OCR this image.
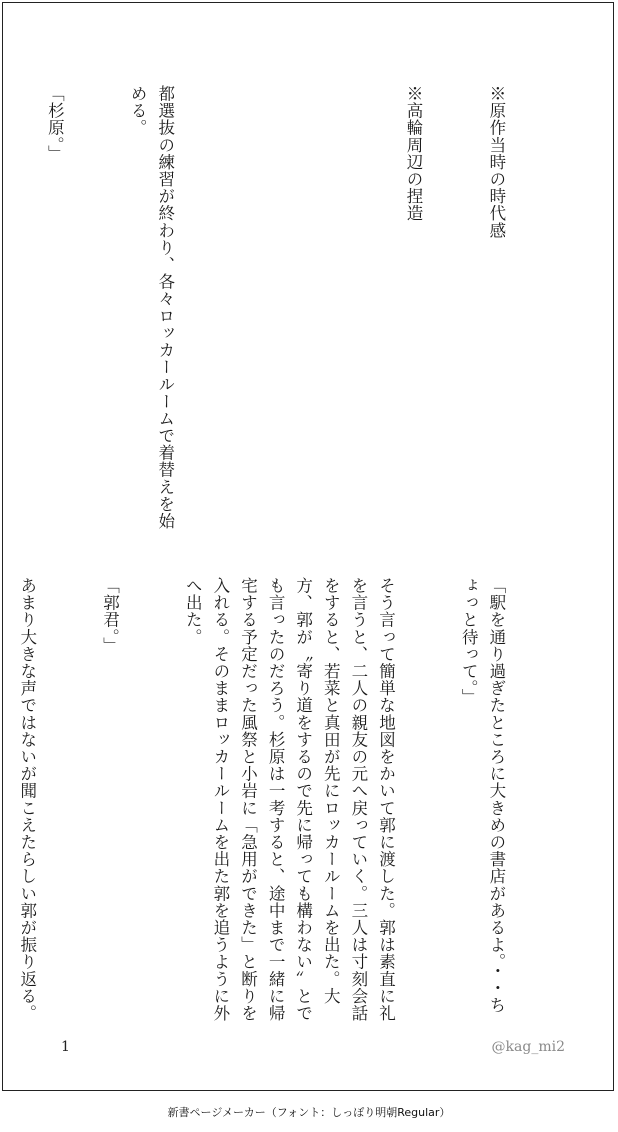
※原作当時の時代感

※高輪周辺の捏造

都選抜の練習が終わり、各々ロッカールームで着替えを始める。

「杉原。」

「駅を通り過ぎたところに大きめの書店があるよ。・・ちょっと待って。」

そう言って簡単な地図をかいて郭に渡した。郭は素直に礼を言うと、二人の親友の元へ戻っていく。三人は寸刻会話をすると、若菜と真田が先にロッカールームを出た。大方、郭が〝寄り道をするので先に帰っても構わない〟とでも言ったのだろう。杉原は一考すると、途中まで一緒に帰宅する予定だった風祭と小岩に「急用ができた」と断りを入れる。そのままロッカールームを出た郭を追うように外へ出た。

「郭君。」

あまり大きな声ではないが聞こえたらしい郭が振り返る。

1	@kag_mi2
新書ページメーカー（フォント：しっぽり明朝Regular）
